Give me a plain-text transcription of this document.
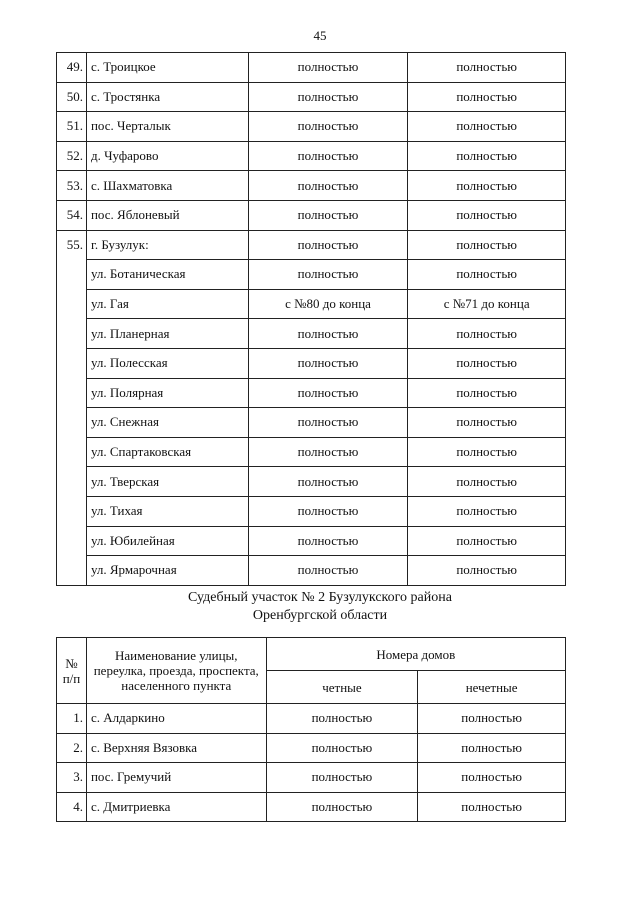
45
49.	с. Троицкое	полностью	полностью
50.	с. Тростянка	полностью	полностью
51.	пос. Черталык	полностью	полностью
52.	д. Чуфарово	полностью	полностью
53.	с. Шахматовка	полностью	полностью
54.	пос. Яблоневый	полностью	полностью
55.	г. Бузулук:	полностью	полностью
	ул. Ботаническая	полностью	полностью
	ул. Гая	с №80 до конца	с №71 до конца
	ул. Планерная	полностью	полностью
	ул. Полесская	полностью	полностью
	ул. Полярная	полностью	полностью
	ул. Снежная	полностью	полностью
	ул. Спартаковская	полностью	полностью
	ул. Тверская	полностью	полностью
	ул. Тихая	полностью	полностью
	ул. Юбилейная	полностью	полностью
	ул. Ярмарочная	полностью	полностью
Судебный участок № 2 Бузулукского района
Оренбургской области
№ п/п	Наименование улицы, переулка, проезда, проспекта, населенного пункта	Номера домов	
		четные	нечетные
1.	с. Алдаркино	полностью	полностью
2.	с. Верхняя Вязовка	полностью	полностью
3.	пос. Гремучий	полностью	полностью
4.	с. Дмитриевка	полностью	полностью
